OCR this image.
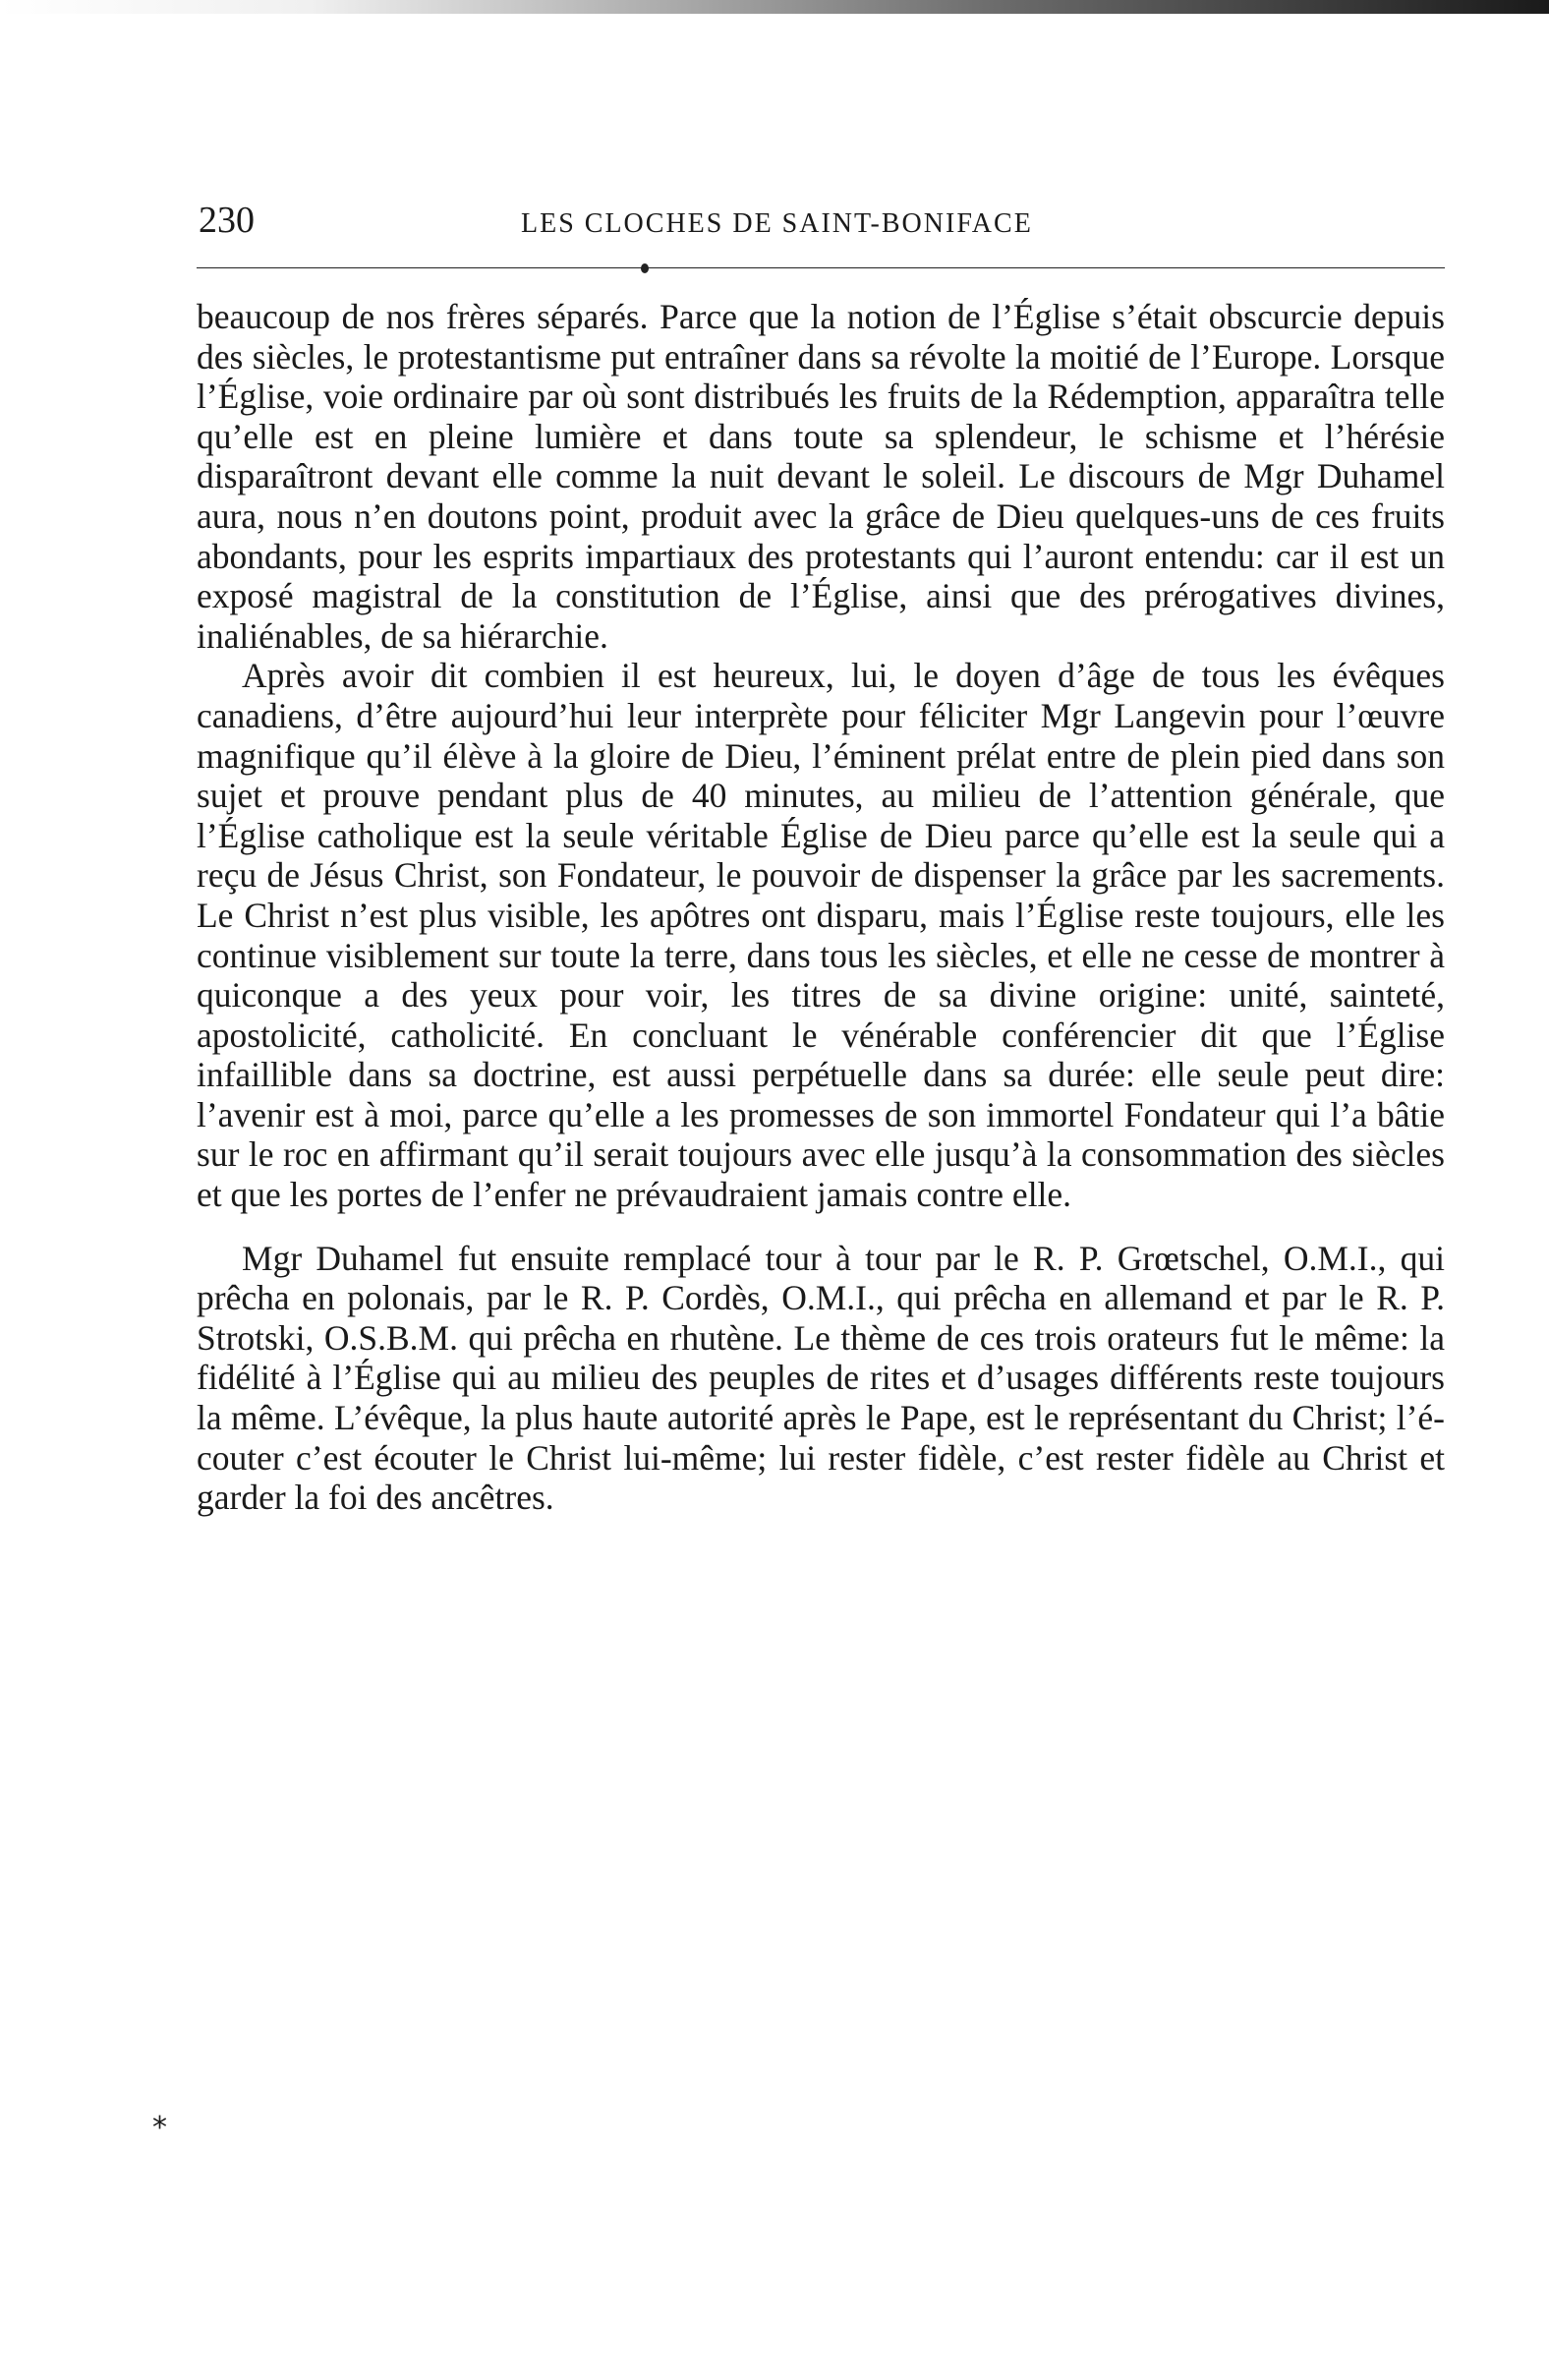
230	LES CLOCHES DE SAINT-BONIFACE

beaucoup de nos frères séparés. Parce que la notion de l’Église s’était obscurcie depuis des siècles, le protestantisme put entraîner dans sa révolte la moitié de l’Europe. Lorsque l’Église, voie ordinaire par où sont distribués les fruits de la Rédemption, apparaîtra telle qu’elle est en pleine lumière et dans toute sa splendeur, le schisme et l’hérésie disparaîtront devant elle comme la nuit devant le soleil. Le discours de Mgr Duhamel aura, nous n’en doutons point, produit avec la grâce de Dieu quelques-uns de ces fruits abondants, pour les esprits impartiaux des protestants qui l’auront entendu: car il est un exposé magistral de la constitution de l’Église, ainsi que des prérogatives divines, inaliénables, de sa hiérarchie.

Après avoir dit combien il est heureux, lui, le doyen d’âge de tous les évêques canadiens, d’être aujourd’hui leur interprète pour féliciter Mgr Langevin pour l’œuvre magnifique qu’il élève à la gloire de Dieu, l’éminent prélat entre de plein pied dans son sujet et prouve pendant plus de 40 minutes, au milieu de l’attention générale, que l’Église catholique est la seule véritable Église de Dieu parce qu’elle est la seule qui a reçu de Jésus Christ, son Fondateur, le pouvoir de dispenser la grâce par les sacrements. Le Christ n’est plus visible, les apôtres ont disparu, mais l’Église reste toujours, elle les continue visiblement sur toute la terre, dans tous les siècles, et elle ne cesse de montrer à quiconque a des yeux pour voir, les titres de sa divine origine: unité, sainteté, apostolicité, catholicité. En concluant le vénérable conférencier dit que l’Église infaillible dans sa doctrine, est aussi perpétuelle dans sa durée: elle seule peut dire: l’avenir est à moi, parce qu’elle a les promesses de son immortel Fondateur qui l’a bâtie sur le roc en affirmant qu’il serait toujours avec elle jusqu’à la consommation des siècles et que les portes de l’enfer ne prévaudraient jamais contre elle.

Mgr Duhamel fut ensuite remplacé tour à tour par le R. P. Grœtschel, O.M.I., qui prêcha en polonais, par le R. P. Cordès, O.M.I., qui prêcha en allemand et par le R. P. Strotski, O.S.B.M. qui prêcha en rhutène. Le thème de ces trois orateurs fut le même: la fidélité à l’Église qui au milieu des peuples de rites et d’usages différents reste toujours la même. L’évêque, la plus haute autorité après le Pape, est le représentant du Christ; l’écouter c’est écouter le Christ lui-même; lui rester fidèle, c’est rester fidèle au Christ et garder la foi des ancêtres.

*
